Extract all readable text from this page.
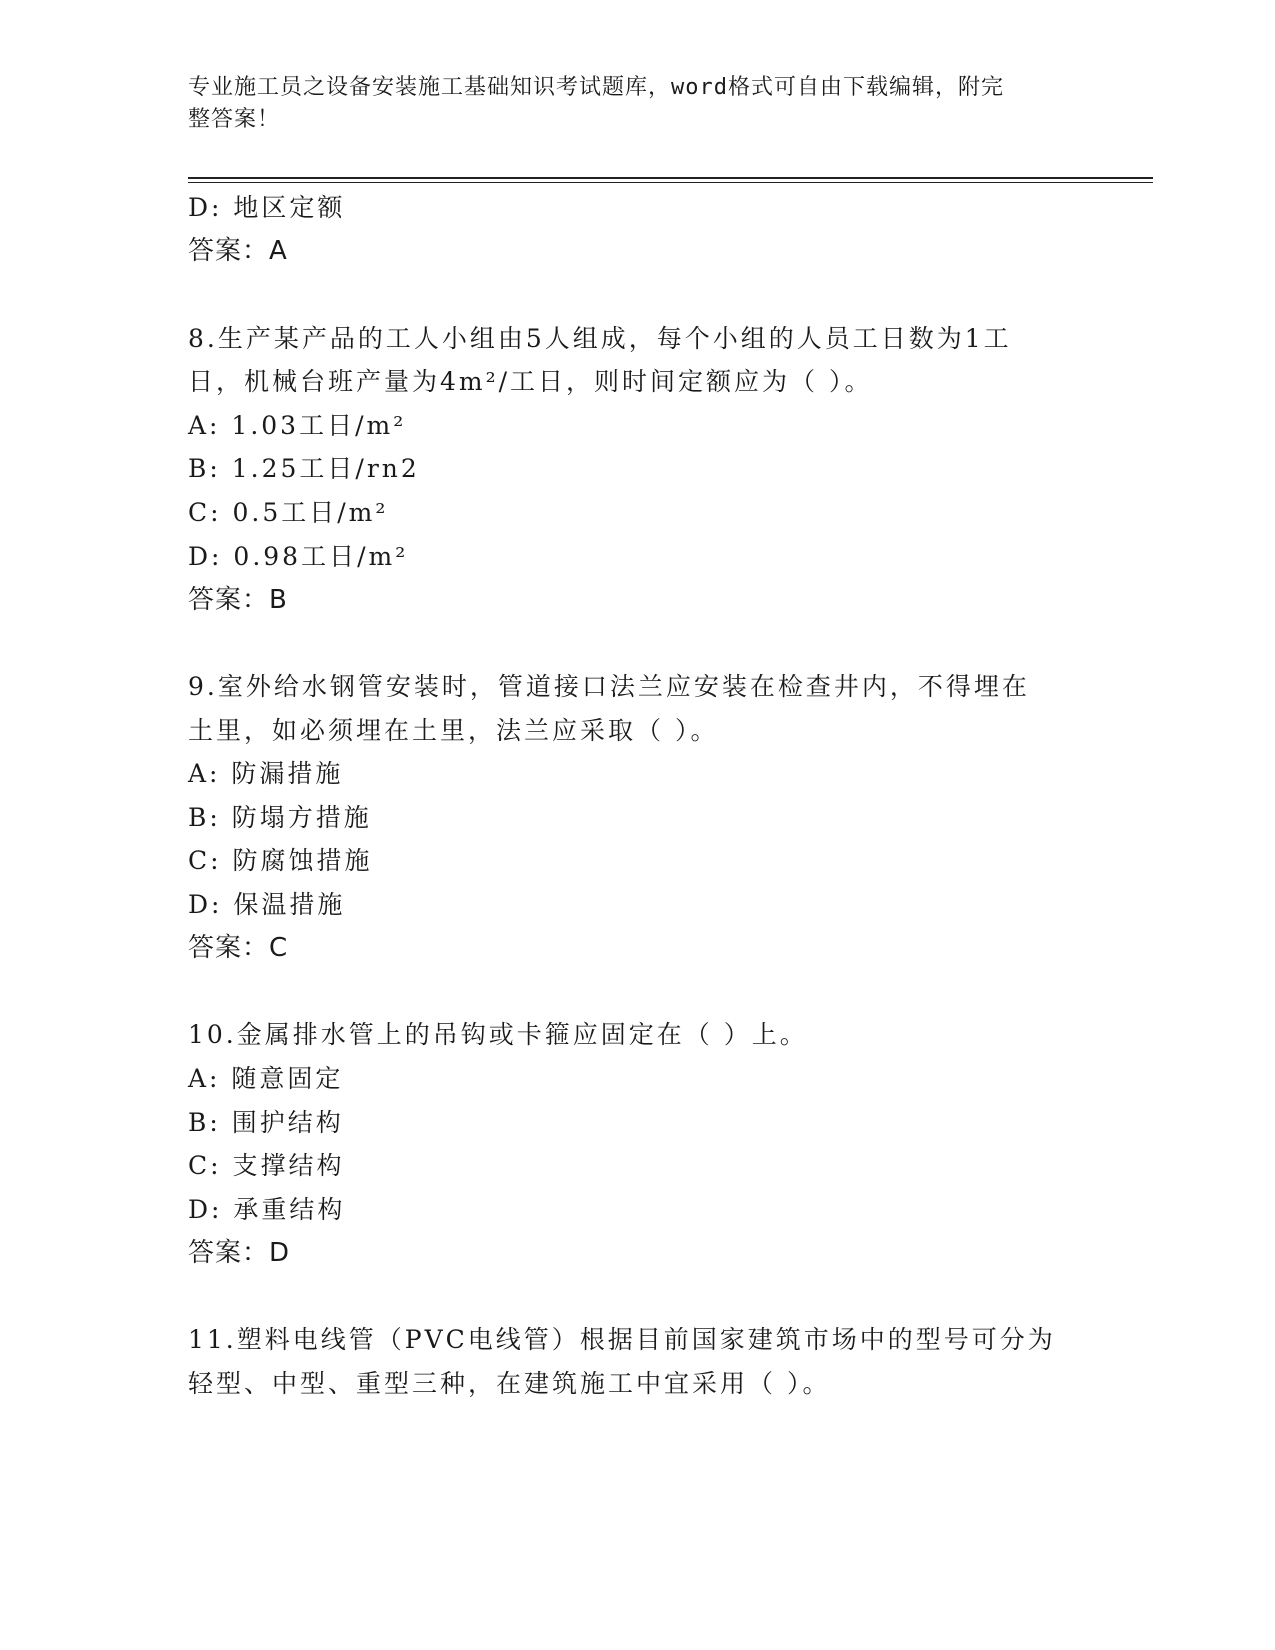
专业施工员之设备安装施工基础知识考试题库，word格式可自由下载编辑，附完
整答案！
D: 地区定额
答案：A
8.生产某产品的工人小组由5人组成，每个小组的人员工日数为1工
日，机械台班产量为4m²/工日，则时间定额应为（ ）。
A: 1.03工日/m²
B: 1.25工日/rn2
C: 0.5工日/m²
D: 0.98工日/m²
答案：B
9.室外给水钢管安装时，管道接口法兰应安装在检查井内，不得埋在
土里，如必须埋在土里，法兰应采取（ ）。
A: 防漏措施
B: 防塌方措施
C: 防腐蚀措施
D: 保温措施
答案：C
10.金属排水管上的吊钩或卡箍应固定在（ ）上。
A: 随意固定
B: 围护结构
C: 支撑结构
D: 承重结构
答案：D
11.塑料电线管（PVC电线管）根据目前国家建筑市场中的型号可分为
轻型、中型、重型三种，在建筑施工中宜采用（ ）。
